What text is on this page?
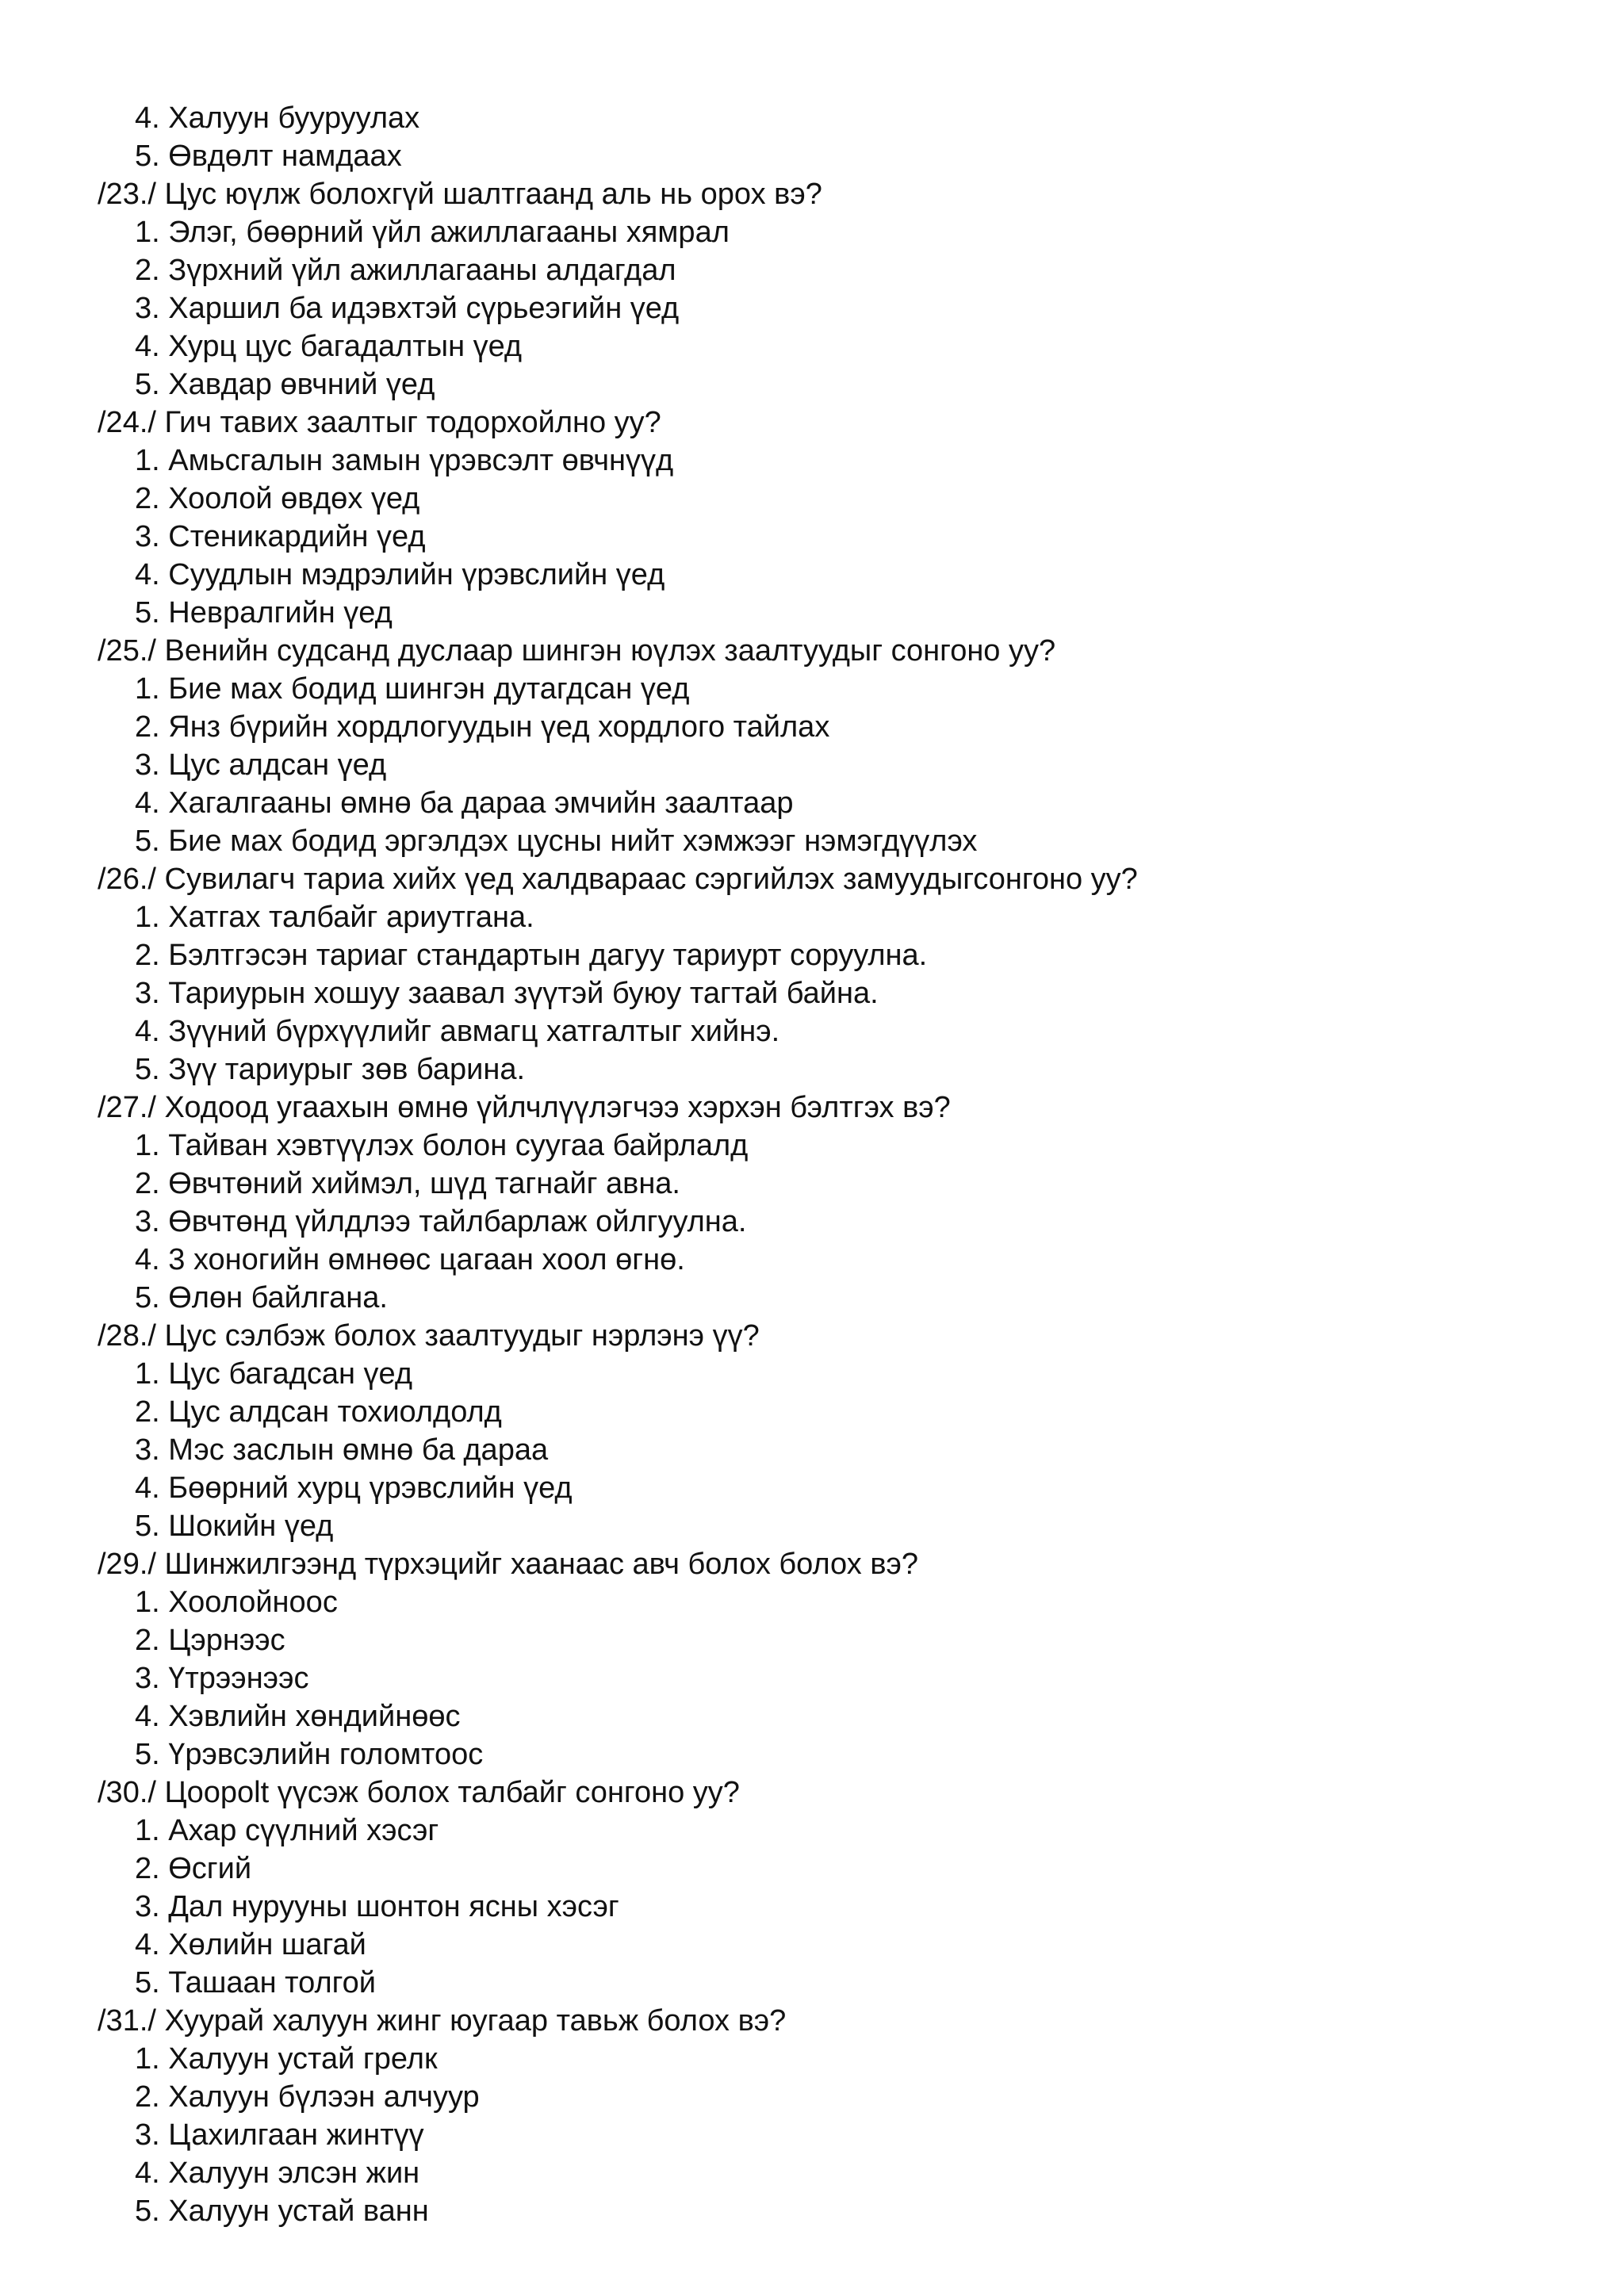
4. Халуун бууруулах
5. Өвдөлт намдаах
/23./ Цус юүлж болохгүй шалтгаанд аль нь орох вэ?
1. Элэг, бөөрний үйл ажиллагааны хямрал
2. Зүрхний үйл ажиллагааны алдагдал
3. Харшил ба идэвхтэй сүрьеэгийн үед
4. Хурц цус багадалтын үед
5. Хавдар өвчний үед
/24./ Гич тавих заалтыг тодорхойлно уу?
1. Амьсгалын замын үрэвсэлт өвчнүүд
2. Хоолой өвдөх үед
3. Стеникардийн үед
4. Суудлын мэдрэлийн үрэвслийн үед
5. Невралгийн үед
/25./ Венийн судсанд дуслаар шингэн юүлэх заалтуудыг сонгоно уу?
1. Бие мах бодид шингэн дутагдсан үед
2. Янз бүрийн хордлогуудын үед хордлого тайлах
3. Цус алдсан үед
4. Хагалгааны өмнө ба дараа эмчийн заалтаар
5. Бие мах бодид эргэлдэх цусны нийт хэмжээг нэмэгдүүлэх
/26./ Сувилагч тариа хийх үед халдвараас сэргийлэх замуудыгсонгоно уу?
1. Хатгах талбайг ариутгана.
2. Бэлтгэсэн тариаг стандартын дагуу тариурт соруулна.
3. Тариурын хошуу заавал зүүтэй буюу тагтай байна.
4. Зүүний бүрхүүлийг авмагц хатгалтыг хийнэ.
5. Зүү тариурыг зөв барина.
/27./ Ходоод угаахын өмнө үйлчлүүлэгчээ хэрхэн бэлтгэх вэ?
1. Тайван хэвтүүлэх болон суугаа байрлалд
2. Өвчтөний хиймэл, шүд тагнайг авна.
3. Өвчтөнд үйлдлээ тайлбарлаж ойлгуулна.
4. 3 хоногийн өмнөөс цагаан хоол өгнө.
5. Өлөн байлгана.
/28./ Цус сэлбэж болох заалтуудыг нэрлэнэ үү?
1. Цус багадсан үед
2. Цус алдсан тохиолдолд
3. Мэс заслын өмнө ба дараа
4. Бөөрний хурц үрэвслийн үед
5. Шокийн үед
/29./ Шинжилгээнд түрхэцийг хаанаас авч болох болох вэ?
1. Хоолойноос
2. Цэрнээс
3. Үтрээнээс
4. Хэвлийн хөндийнөөс
5. Үрэвсэлийн голомтоос
/30./ Цоорolt үүсэж болох талбайг сонгоно уу?
1. Ахар сүүлний хэсэг
2. Өсгий
3. Дал нурууны шонтон ясны хэсэг
4. Хөлийн шагай
5. Ташаан толгой
/31./ Хуурай халуун жинг юугаар тавьж болох вэ?
1. Халуун устай грелк
2. Халуун бүлээн алчуур
3. Цахилгаан жинтүү
4. Халуун элсэн жин
5. Халуун устай ванн
